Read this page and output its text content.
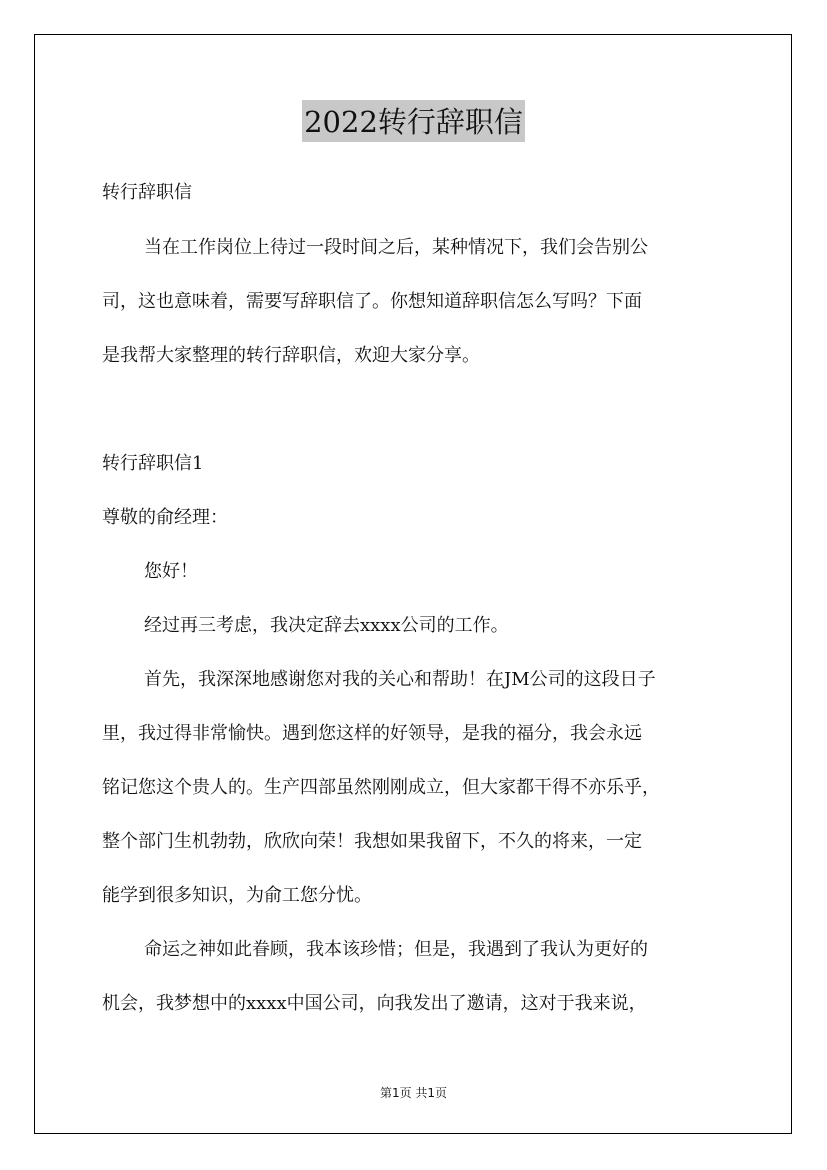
2022转行辞职信
转行辞职信
当在工作岗位上待过一段时间之后，某种情况下，我们会告别公
司，这也意味着，需要写辞职信了。你想知道辞职信怎么写吗？下面
是我帮大家整理的转行辞职信，欢迎大家分享。
转行辞职信1
尊敬的俞经理：
您好！
经过再三考虑，我决定辞去xxxx公司的工作。
首先，我深深地感谢您对我的关心和帮助！在JM公司的这段日子
里，我过得非常愉快。遇到您这样的好领导，是我的福分，我会永远
铭记您这个贵人的。生产四部虽然刚刚成立，但大家都干得不亦乐乎，
整个部门生机勃勃，欣欣向荣！我想如果我留下，不久的将来，一定
能学到很多知识，为俞工您分忧。
命运之神如此眷顾，我本该珍惜；但是，我遇到了我认为更好的
机会，我梦想中的xxxx中国公司，向我发出了邀请，这对于我来说，
第1页 共1页
